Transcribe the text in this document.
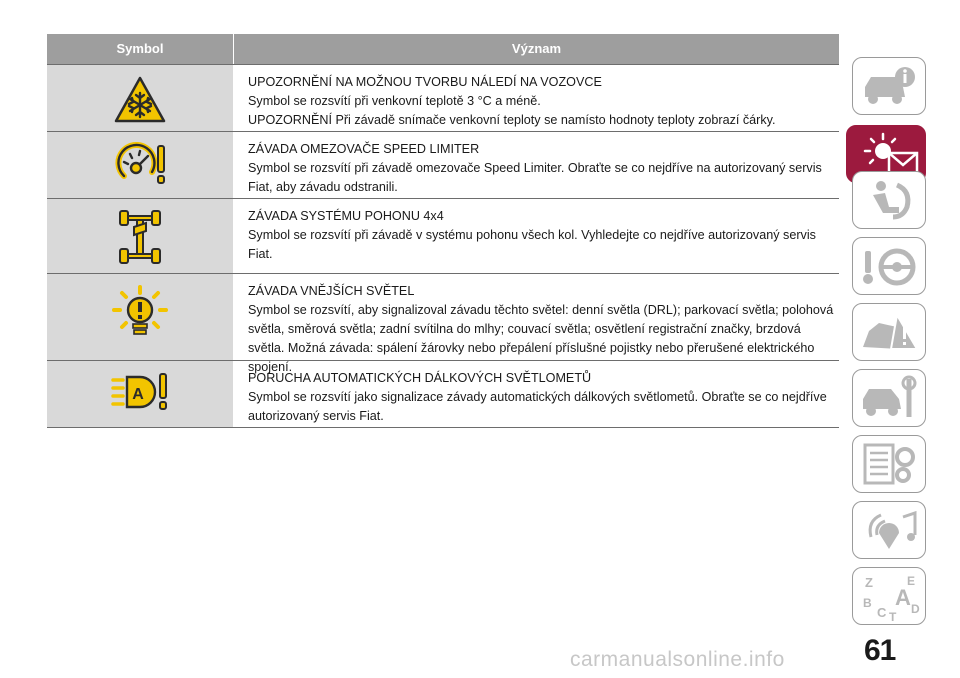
Symbol	Význam
UPOZORNĚNÍ NA MOŽNOU TVORBU NÁLEDÍ NA VOZOVCE
Symbol se rozsvítí při venkovní teplotě 3 °C a méně.
UPOZORNĚNÍ Při závadě snímače venkovní teploty se namísto hodnoty teploty zobrazí čárky.
ZÁVADA OMEZOVAČE SPEED LIMITER
Symbol se rozsvítí při závadě omezovače Speed Limiter. Obraťte se co nejdříve na autorizovaný servis Fiat, aby závadu odstranili.
ZÁVADA SYSTÉMU POHONU 4x4
Symbol se rozsvítí při závadě v systému pohonu všech kol. Vyhledejte co nejdříve autorizovaný servis Fiat.
ZÁVADA VNĚJŠÍCH SVĚTEL
Symbol se rozsvítí, aby signalizoval závadu těchto světel: denní světla (DRL); parkovací světla; polohová světla, směrová světla; zadní svítilna do mlhy; couvací světla; osvětlení registrační značky, brzdová světla. Možná závada: spálení žárovky nebo přepálení příslušné pojistky nebo přerušené elektrického spojení.
A
PORUCHA AUTOMATICKÝCH DÁLKOVÝCH SVĚTLOMETŮ
Symbol se rozsvítí jako signalizace závady automatických dálkových světlometů. Obraťte se co nejdříve autorizovaný servis Fiat.
Z	E
B A
C D
T
61
carmanualsonline.info
